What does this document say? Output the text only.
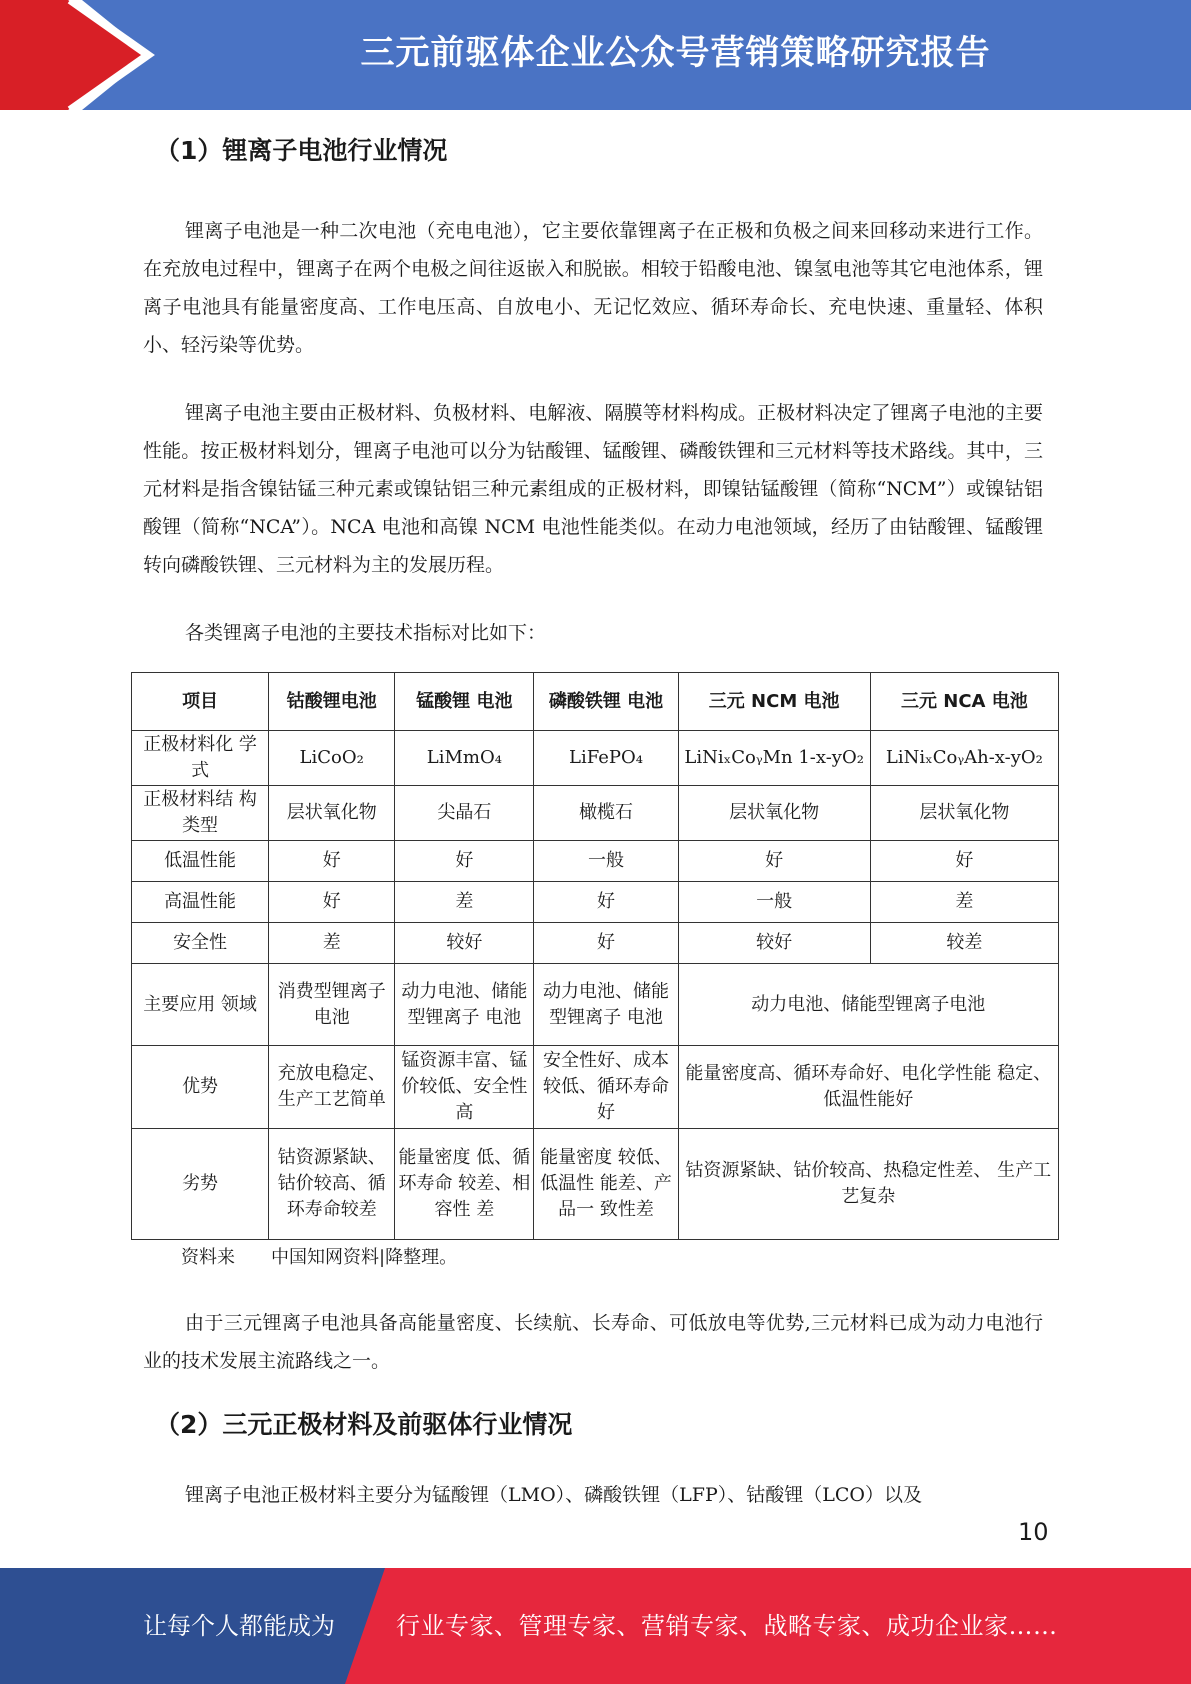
三元前驱体企业公众号营销策略研究报告
（1）锂离子电池行业情况

锂离子电池是一种二次电池（充电电池），它主要依靠锂离子在正极和负极之间来回移动来进行工作。在充放电过程中，锂离子在两个电极之间往返嵌入和脱嵌。相较于铅酸电池、镍氢电池等其它电池体系，锂离子电池具有能量密度高、工作电压高、自放电小、无记忆效应、循环寿命长、充电快速、重量轻、体积小、轻污染等优势。

锂离子电池主要由正极材料、负极材料、电解液、隔膜等材料构成。正极材料决定了锂离子电池的主要性能。按正极材料划分，锂离子电池可以分为钴酸锂、锰酸锂、磷酸铁锂和三元材料等技术路线。其中，三元材料是指含镍钴锰三种元素或镍钴铝三种元素组成的正极材料，即镍钴锰酸锂（简称“NCM”）或镍钴铝酸锂（简称“NCA”）。NCA 电池和高镍 NCM 电池性能类似。在动力电池领域，经历了由钴酸锂、锰酸锂转向磷酸铁锂、三元材料为主的发展历程。

各类锂离子电池的主要技术指标对比如下：

项目	钴酸锂电池	锰酸锂 电池	磷酸铁锂 电池	三元 NCM 电池	三元 NCA 电池
正极材料化 学式	LiCoO₂	LiMmO₄	LiFePO₄	LiNiₓCoᵧMn 1-x-yO₂	LiNiₓCoᵧAh-x-yO₂
正极材料结 构类型	层状氧化物	尖晶石	橄榄石	层状氧化物	层状氧化物
低温性能	好	好	一般	好	好
高温性能	好	差	好	一般	差
安全性	差	较好	好	较好	较差
主要应用 领域	消费型锂离子电池	动力电池、储能型锂离子 电池	动力电池、储能型锂离子 电池	动力电池、储能型锂离子电池	
优势	充放电稳定、生产工艺简单	锰资源丰富、锰价较低、安全性高	安全性好、成本较低、循环寿命好	能量密度高、循环寿命好、电化学性能 稳定、低温性能好	
劣势	钴资源紧缺、钴价较高、循环寿命较差	能量密度 低、循环寿命 较差、相容性 差	能量密度 较低、低温性 能差、产品一 致性差	钴资源紧缺、钴价较高、热稳定性差、 生产工艺复杂	
资料来　　中国知网资料|降整理。

由于三元锂离子电池具备高能量密度、长续航、长寿命、可低放电等优势,三元材料已成为动力电池行业的技术发展主流路线之一。

（2）三元正极材料及前驱体行业情况

锂离子电池正极材料主要分为锰酸锂（LMO）、磷酸铁锂（LFP）、钴酸锂（LCO）以及

10
让每个人都能成为	行业专家、管理专家、营销专家、战略专家、成功企业家……
